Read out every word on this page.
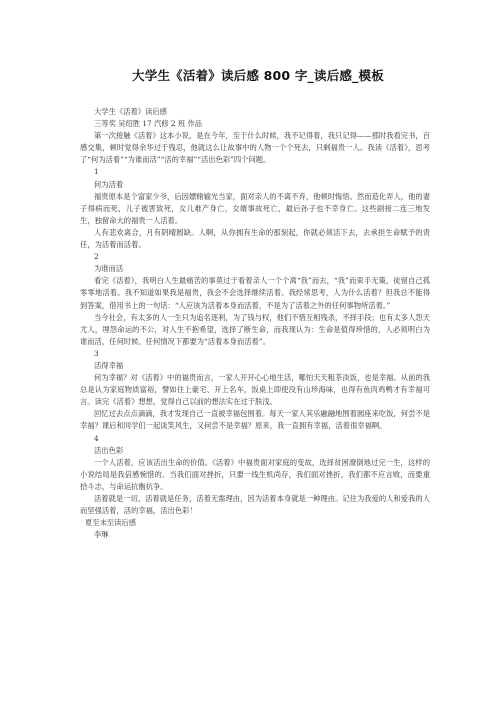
大学生《活着》读后感 800 字_读后感_模板

大学生《活着》读后感

三等奖 吴绍胜 17 汽修 2 班 作品

第一次接触《活着》这本小说，是在今年，至于什么时候，我不记得着，我只记得——那时我看完书，百感交集，顿时觉得余华过于残忍，他就这么让故事中的人物一个个死去，只剩福贵一人。我读《活着》，思考了“何为活着”“为谁而活”“活的幸福”“活出色彩”四个问题。

1

何为活着

福贵原本是个富家少爷，后因嫖赌输光当家，面对亲人的不离不弃，他顿时悔悟。然而造化弄人，他的妻子得病而死，儿子被害致死，女儿难产身亡，女婿事故死亡，最后孙子也不幸身亡。这些剧接二连三地发生，独留命大的福贵一人活着。

人有悲欢离合，月有阴晴圆缺。人啊，从你拥有生命的那刻起，你就必须活下去，去承担生命赋予的责任，为活着而活着。

2

为谁而活

看完《活着》，我明白人生最痛苦的事莫过于看着亲人一个个离“我”而去，“我”而束手无策，徒留自己孤零零地活着。我不知道如果我是福贵，我会不会选择继续活着。我经常思考，人为什么活着？但我总不能得到答案，借用书上的一句话：“人应该为活着本身而活着，不是为了活着之外的任何事物所活着。”

当今社会，有太多的人一生只为追名逐利，为了钱与权，他们不惜互相残杀，不择手段；也有太多人怨天尤人，埋怨命运的不公，对人生不抱希望，选择了断生命，而我现认为：生命是值得珍惜的，人必须明白为谁而活，任何时候、任何情况下都要为“活着本身而活着”。

3

活得幸福

何为幸福？对《活着》中的福贵而言，一家人开开心心地生活，哪怕天天粗茶淡饭，也是幸福。从前的我总是认为家庭物质富裕，譬如住上豪宅、开上名车，饭桌上即使没有山珍海味，也得有鱼肉鸡鸭才有幸福可言。读完《活着》想想，觉得自己以前的想法实在过于肤浅。

回忆过去点点滴滴，我才发现自己一直被幸福包围着。每天一家人其乐融融地围着圆座来吃饭，何尝不是幸福？课后和同学们一起谈笑风生，又何尝不是幸福？原来，我一直拥有幸福，活着很幸福啊。

4

活出色彩

一个人活着，应该活出生命的价值。《活着》中福贵面对家庭的变故，选择贫困潦倒地过完一生，这样的小说结局是我倍感惋惜的。当我们面对挫折，只要一线生机尚存，我们面对挫折，我们都不应言败，而要重拾斗志，与命运抗衡抗争。

活着就是一切，活着就是任务，活着无需理由，因为活着本身就是一种理由。记住为我爱的人和爱我的人而坚强活着，活的幸福，活出色彩！

夏至未至读后感

李琳
